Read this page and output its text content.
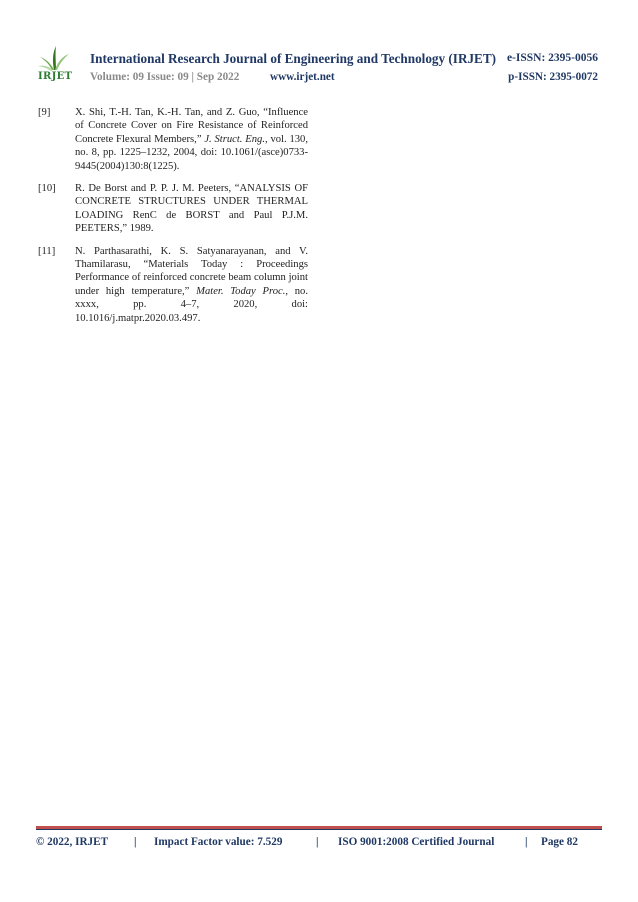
IRJET
International Research Journal of Engineering and Technology (IRJET) e-ISSN: 2395-0056
Volume: 09 Issue: 09 | Sep 2022	www.irjet.net	p-ISSN: 2395-0072
[9] X. Shi, T.-H. Tan, K.-H. Tan, and Z. Guo, “Influence of Concrete Cover on Fire Resistance of Reinforced Concrete Flexural Members,” J. Struct. Eng., vol. 130, no. 8, pp. 1225–1232, 2004, doi: 10.1061/(asce)0733-9445(2004)130:8(1225).
[10] R. De Borst and P. P. J. M. Peeters, “ANALYSIS OF CONCRETE STRUCTURES UNDER THERMAL LOADING RenC de BORST and Paul P.J.M. PEETERS,” 1989.
[11] N. Parthasarathi, K. S. Satyanarayanan, and V. Thamilarasu, “Materials Today : Proceedings Performance of reinforced concrete beam column joint under high temperature,” Mater. Today Proc., no. xxxx, pp. 4–7, 2020, doi: 10.1016/j.matpr.2020.03.497.
© 2022, IRJET | Impact Factor value: 7.529	| ISO 9001:2008 Certified Journal	| Page 82
